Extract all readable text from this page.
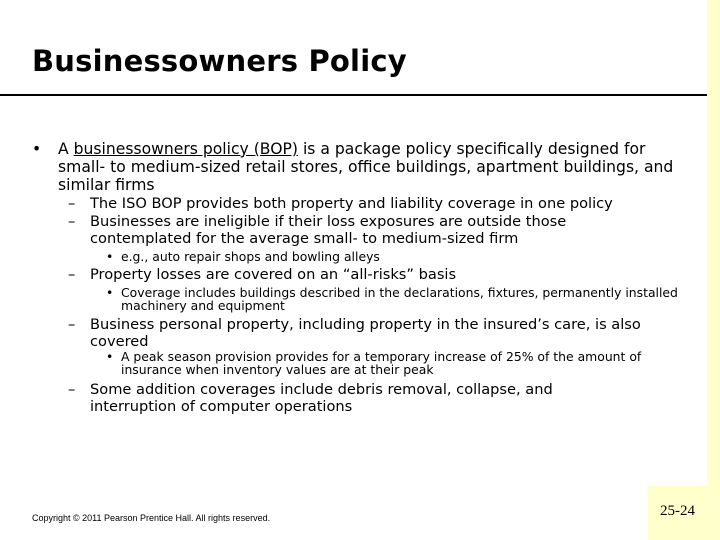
Businessowners Policy
• A businessowners policy (BOP) is a package policy specifically designed for small- to medium-sized retail stores, office buildings, apartment buildings, and similar firms
– The ISO BOP provides both property and liability coverage in one policy
– Businesses are ineligible if their loss exposures are outside those contemplated for the average small- to medium-sized firm
• e.g., auto repair shops and bowling alleys
– Property losses are covered on an “all-risks” basis
• Coverage includes buildings described in the declarations, fixtures, permanently installed machinery and equipment
– Business personal property, including property in the insured’s care, is also covered
• A peak season provision provides for a temporary increase of 25% of the amount of insurance when inventory values are at their peak
– Some addition coverages include debris removal, collapse, and interruption of computer operations
Copyright © 2011 Pearson Prentice Hall. All rights reserved.	25-24
